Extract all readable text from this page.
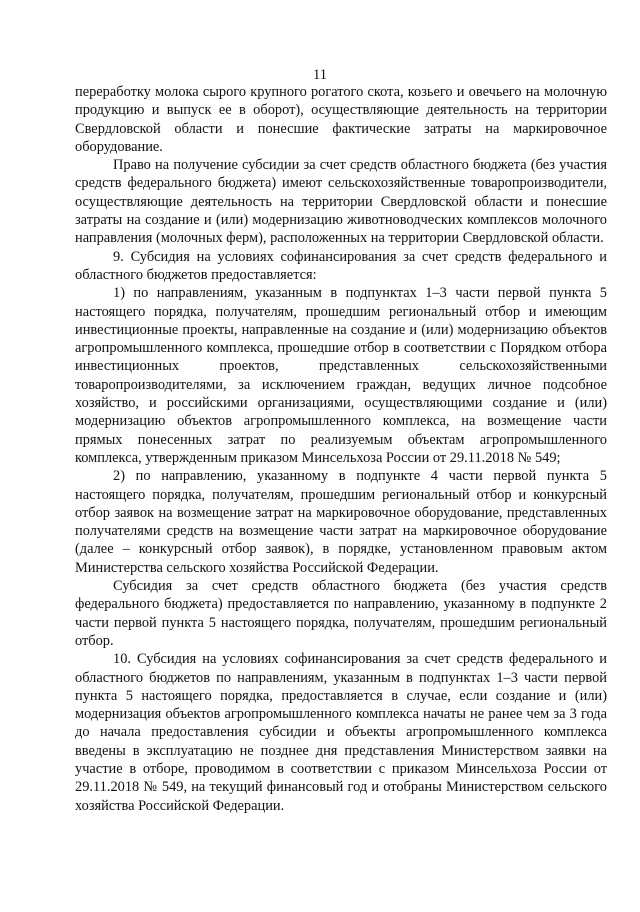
11

переработку молока сырого крупного рогатого скота, козьего и овечьего на молочную продукцию и выпуск ее в оборот), осуществляющие деятельность на территории Свердловской области и понесшие фактические затраты на маркировочное оборудование.

Право на получение субсидии за счет средств областного бюджета (без участия средств федерального бюджета) имеют сельскохозяйственные товаропроизводители, осуществляющие деятельность на территории Свердловской области и понесшие затраты на создание и (или) модернизацию животноводческих комплексов молочного направления (молочных ферм), расположенных на территории Свердловской области.

9. Субсидия на условиях софинансирования за счет средств федерального и областного бюджетов предоставляется:

1) по направлениям, указанным в подпунктах 1–3 части первой пункта 5 настоящего порядка, получателям, прошедшим региональный отбор и имеющим инвестиционные проекты, направленные на создание и (или) модернизацию объектов агропромышленного комплекса, прошедшие отбор в соответствии с Порядком отбора инвестиционных проектов, представленных сельскохозяйственными товаропроизводителями, за исключением граждан, ведущих личное подсобное хозяйство, и российскими организациями, осуществляющими создание и (или) модернизацию объектов агропромышленного комплекса, на возмещение части прямых понесенных затрат по реализуемым объектам агропромышленного комплекса, утвержденным приказом Минсельхоза России от 29.11.2018 № 549;

2) по направлению, указанному в подпункте 4 части первой пункта 5 настоящего порядка, получателям, прошедшим региональный отбор и конкурсный отбор заявок на возмещение затрат на маркировочное оборудование, представленных получателями средств на возмещение части затрат на маркировочное оборудование (далее – конкурсный отбор заявок), в порядке, установленном правовым актом Министерства сельского хозяйства Российской Федерации.

Субсидия за счет средств областного бюджета (без участия средств федерального бюджета) предоставляется по направлению, указанному в подпункте 2 части первой пункта 5 настоящего порядка, получателям, прошедшим региональный отбор.

10. Субсидия на условиях софинансирования за счет средств федерального и областного бюджетов по направлениям, указанным в подпунктах 1–3 части первой пункта 5 настоящего порядка, предоставляется в случае, если создание и (или) модернизация объектов агропромышленного комплекса начаты не ранее чем за 3 года до начала предоставления субсидии и объекты агропромышленного комплекса введены в эксплуатацию не позднее дня представления Министерством заявки на участие в отборе, проводимом в соответствии с приказом Минсельхоза России от 29.11.2018 № 549, на текущий финансовый год и отобраны Министерством сельского хозяйства Российской Федерации.
